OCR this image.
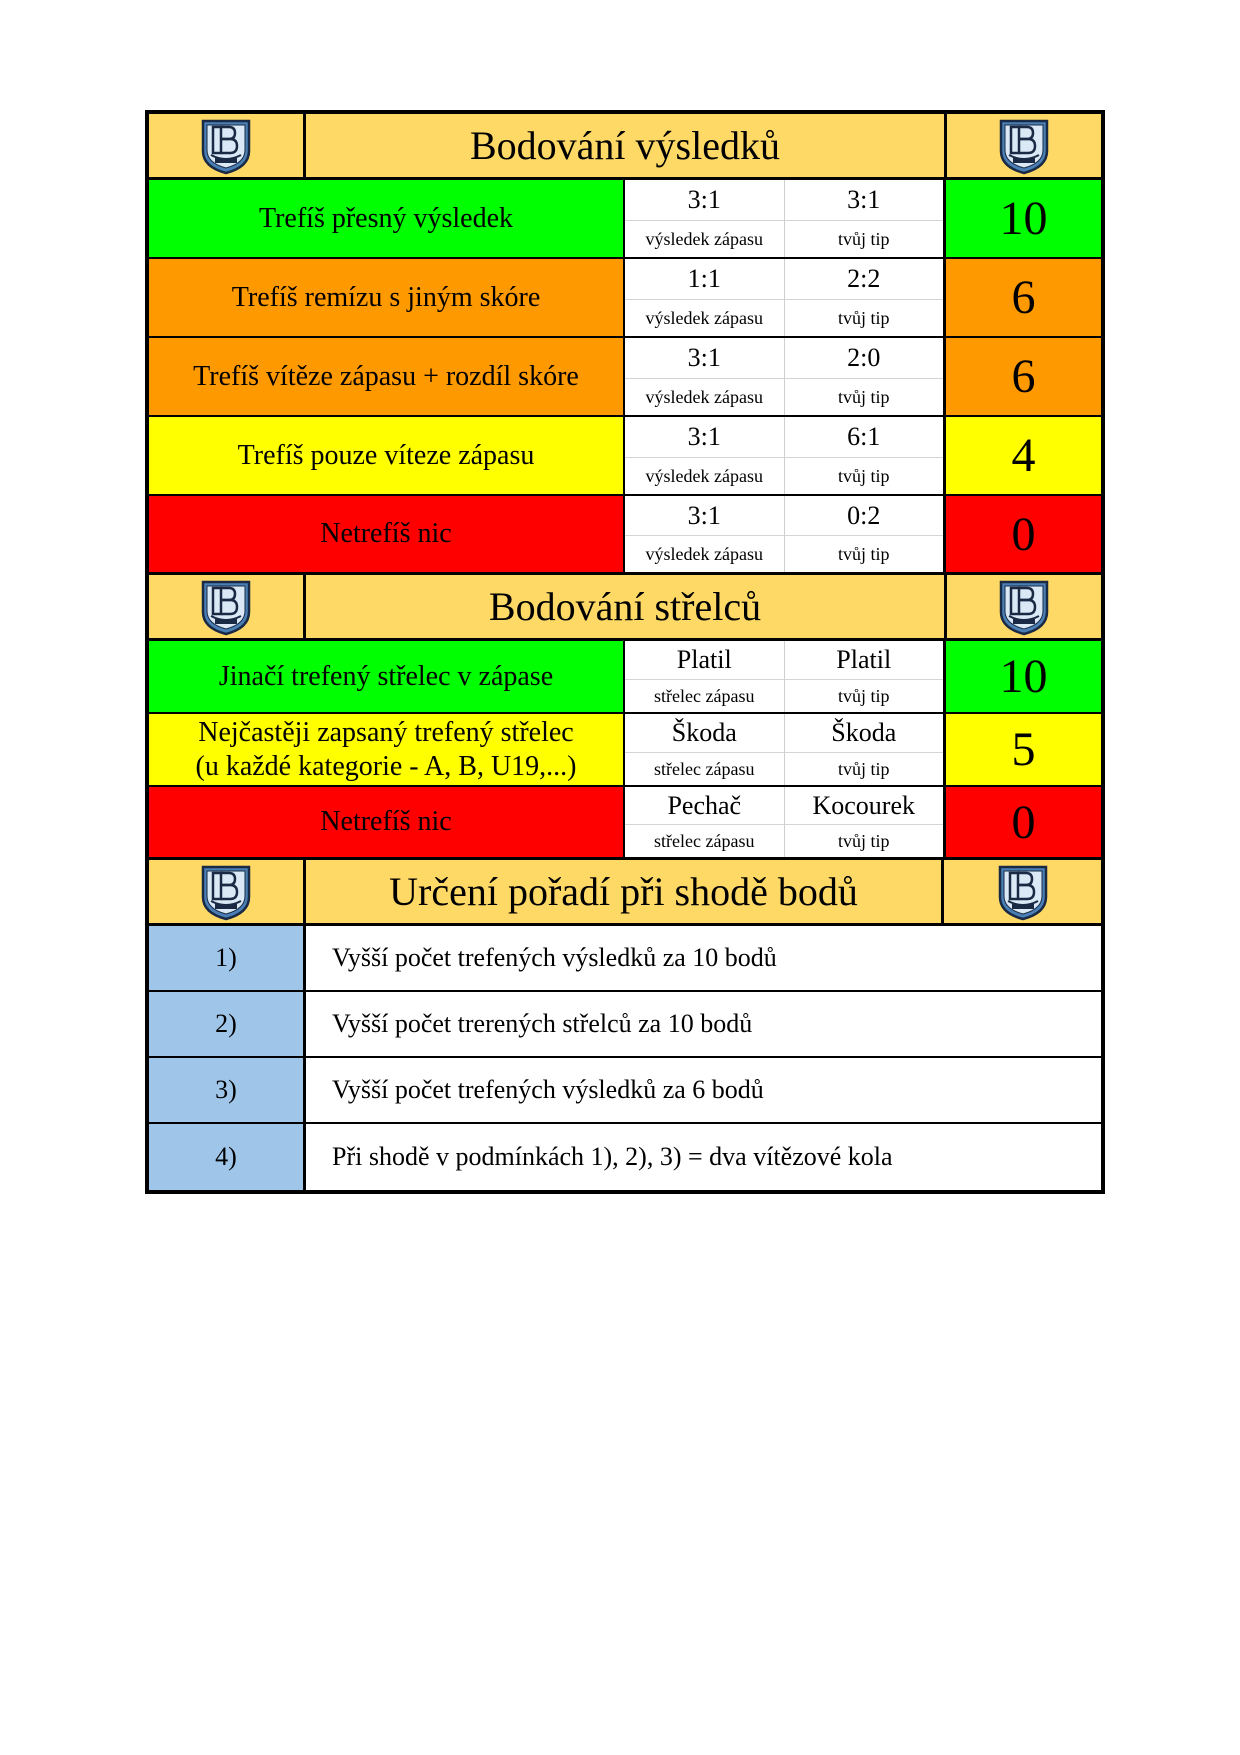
Bodování výsledků
Trefíš přesný výsledek
3:1	3:1
výsledek zápasu	tvůj tip	10
Trefíš remízu s jiným skóre
1:1	2:2
výsledek zápasu	tvůj tip	6
Trefíš vítěze zápasu + rozdíl skóre
3:1	2:0
výsledek zápasu	tvůj tip	6
Trefíš pouze víteze zápasu
3:1	6:1
výsledek zápasu	tvůj tip	4
Netrefíš nic
3:1	0:2
výsledek zápasu	tvůj tip	0
Bodování střelců
Jinačí trefený střelec v zápase
Platil	Platil
střelec zápasu	tvůj tip	10
Nejčastěji zapsaný trefený střelec
(u každé kategorie - A, B, U19,...)
Škoda	Škoda
střelec zápasu	tvůj tip	5
Netrefíš nic
Pechač	Kocourek
střelec zápasu	tvůj tip	0
Určení pořadí při shodě bodů
1)	Vyšší počet trefených výsledků za 10 bodů
2)	Vyšší počet trerených střelců za 10 bodů
3)	Vyšší počet trefených výsledků za 6 bodů
4)	Při shodě v podmínkách 1), 2), 3) = dva vítězové kola
